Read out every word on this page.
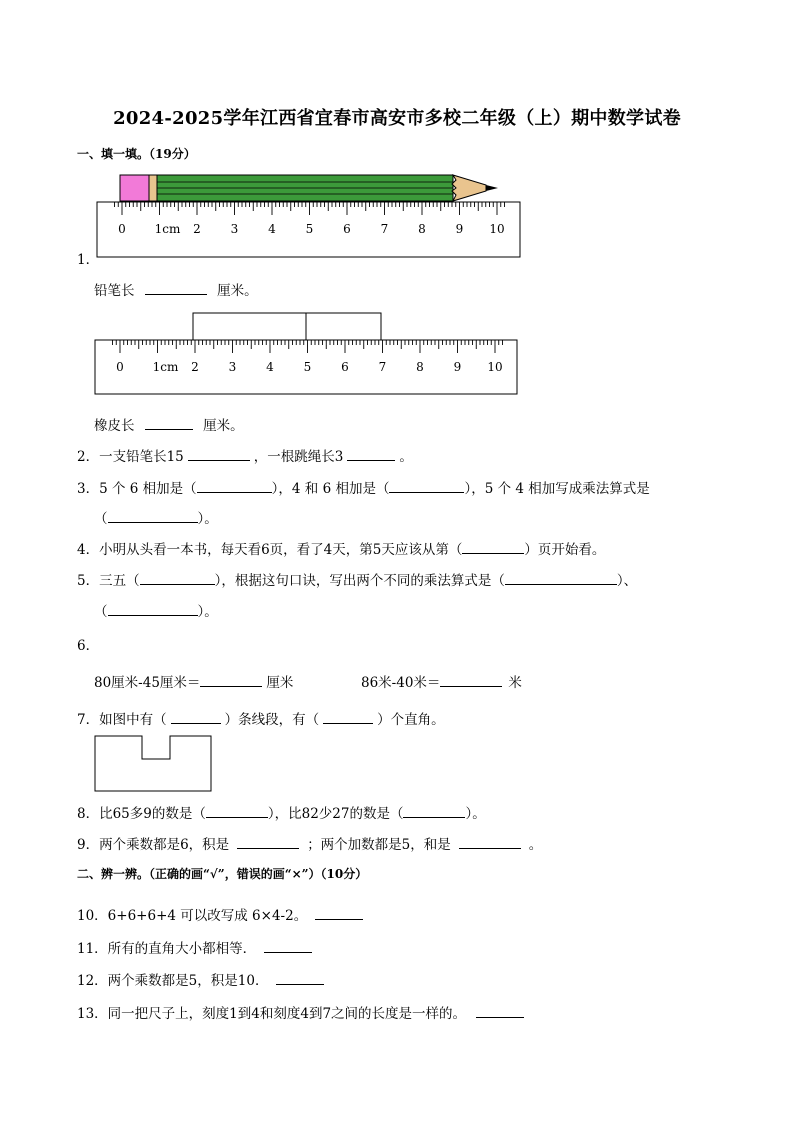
2024-2025学年江西省宜春市高安市多校二年级（上）期中数学试卷
一、填一填。（19分）
0 1cm 2 3 4 5 6 7 8 9 10
1．
铅笔长	厘米。
0 1cm 2 3 4 5 6 7 8 9 10
橡皮长	厘米。
2．一支铅笔长15	，一根跳绳长3	。
3．5 个 6 相加是（	），4 和 6 相加是（	），5 个 4 相加写成乘法算式是
（	）。
4．小明从头看一本书，每天看6页，看了4天，第5天应该从第（	）页开始看。
5．三五（	），根据这句口诀，写出两个不同的乘法算式是（	）、
（	）。
6．
80厘米-45厘米＝	厘米	86米-40米＝	米
7．如图中有（	）条线段，有（	）个直角。
8．比65多9的数是（	），比82少27的数是（	）。
9．两个乘数都是6，积是	；两个加数都是5，和是	。
二、辨一辨。（正确的画“√”，错误的画“×”）（10分）
10．6+6+6+4 可以改写成 6×4-2。
11．所有的直角大小都相等．
12．两个乘数都是5，积是10．
13．同一把尺子上，刻度1到4和刻度4到7之间的长度是一样的。
